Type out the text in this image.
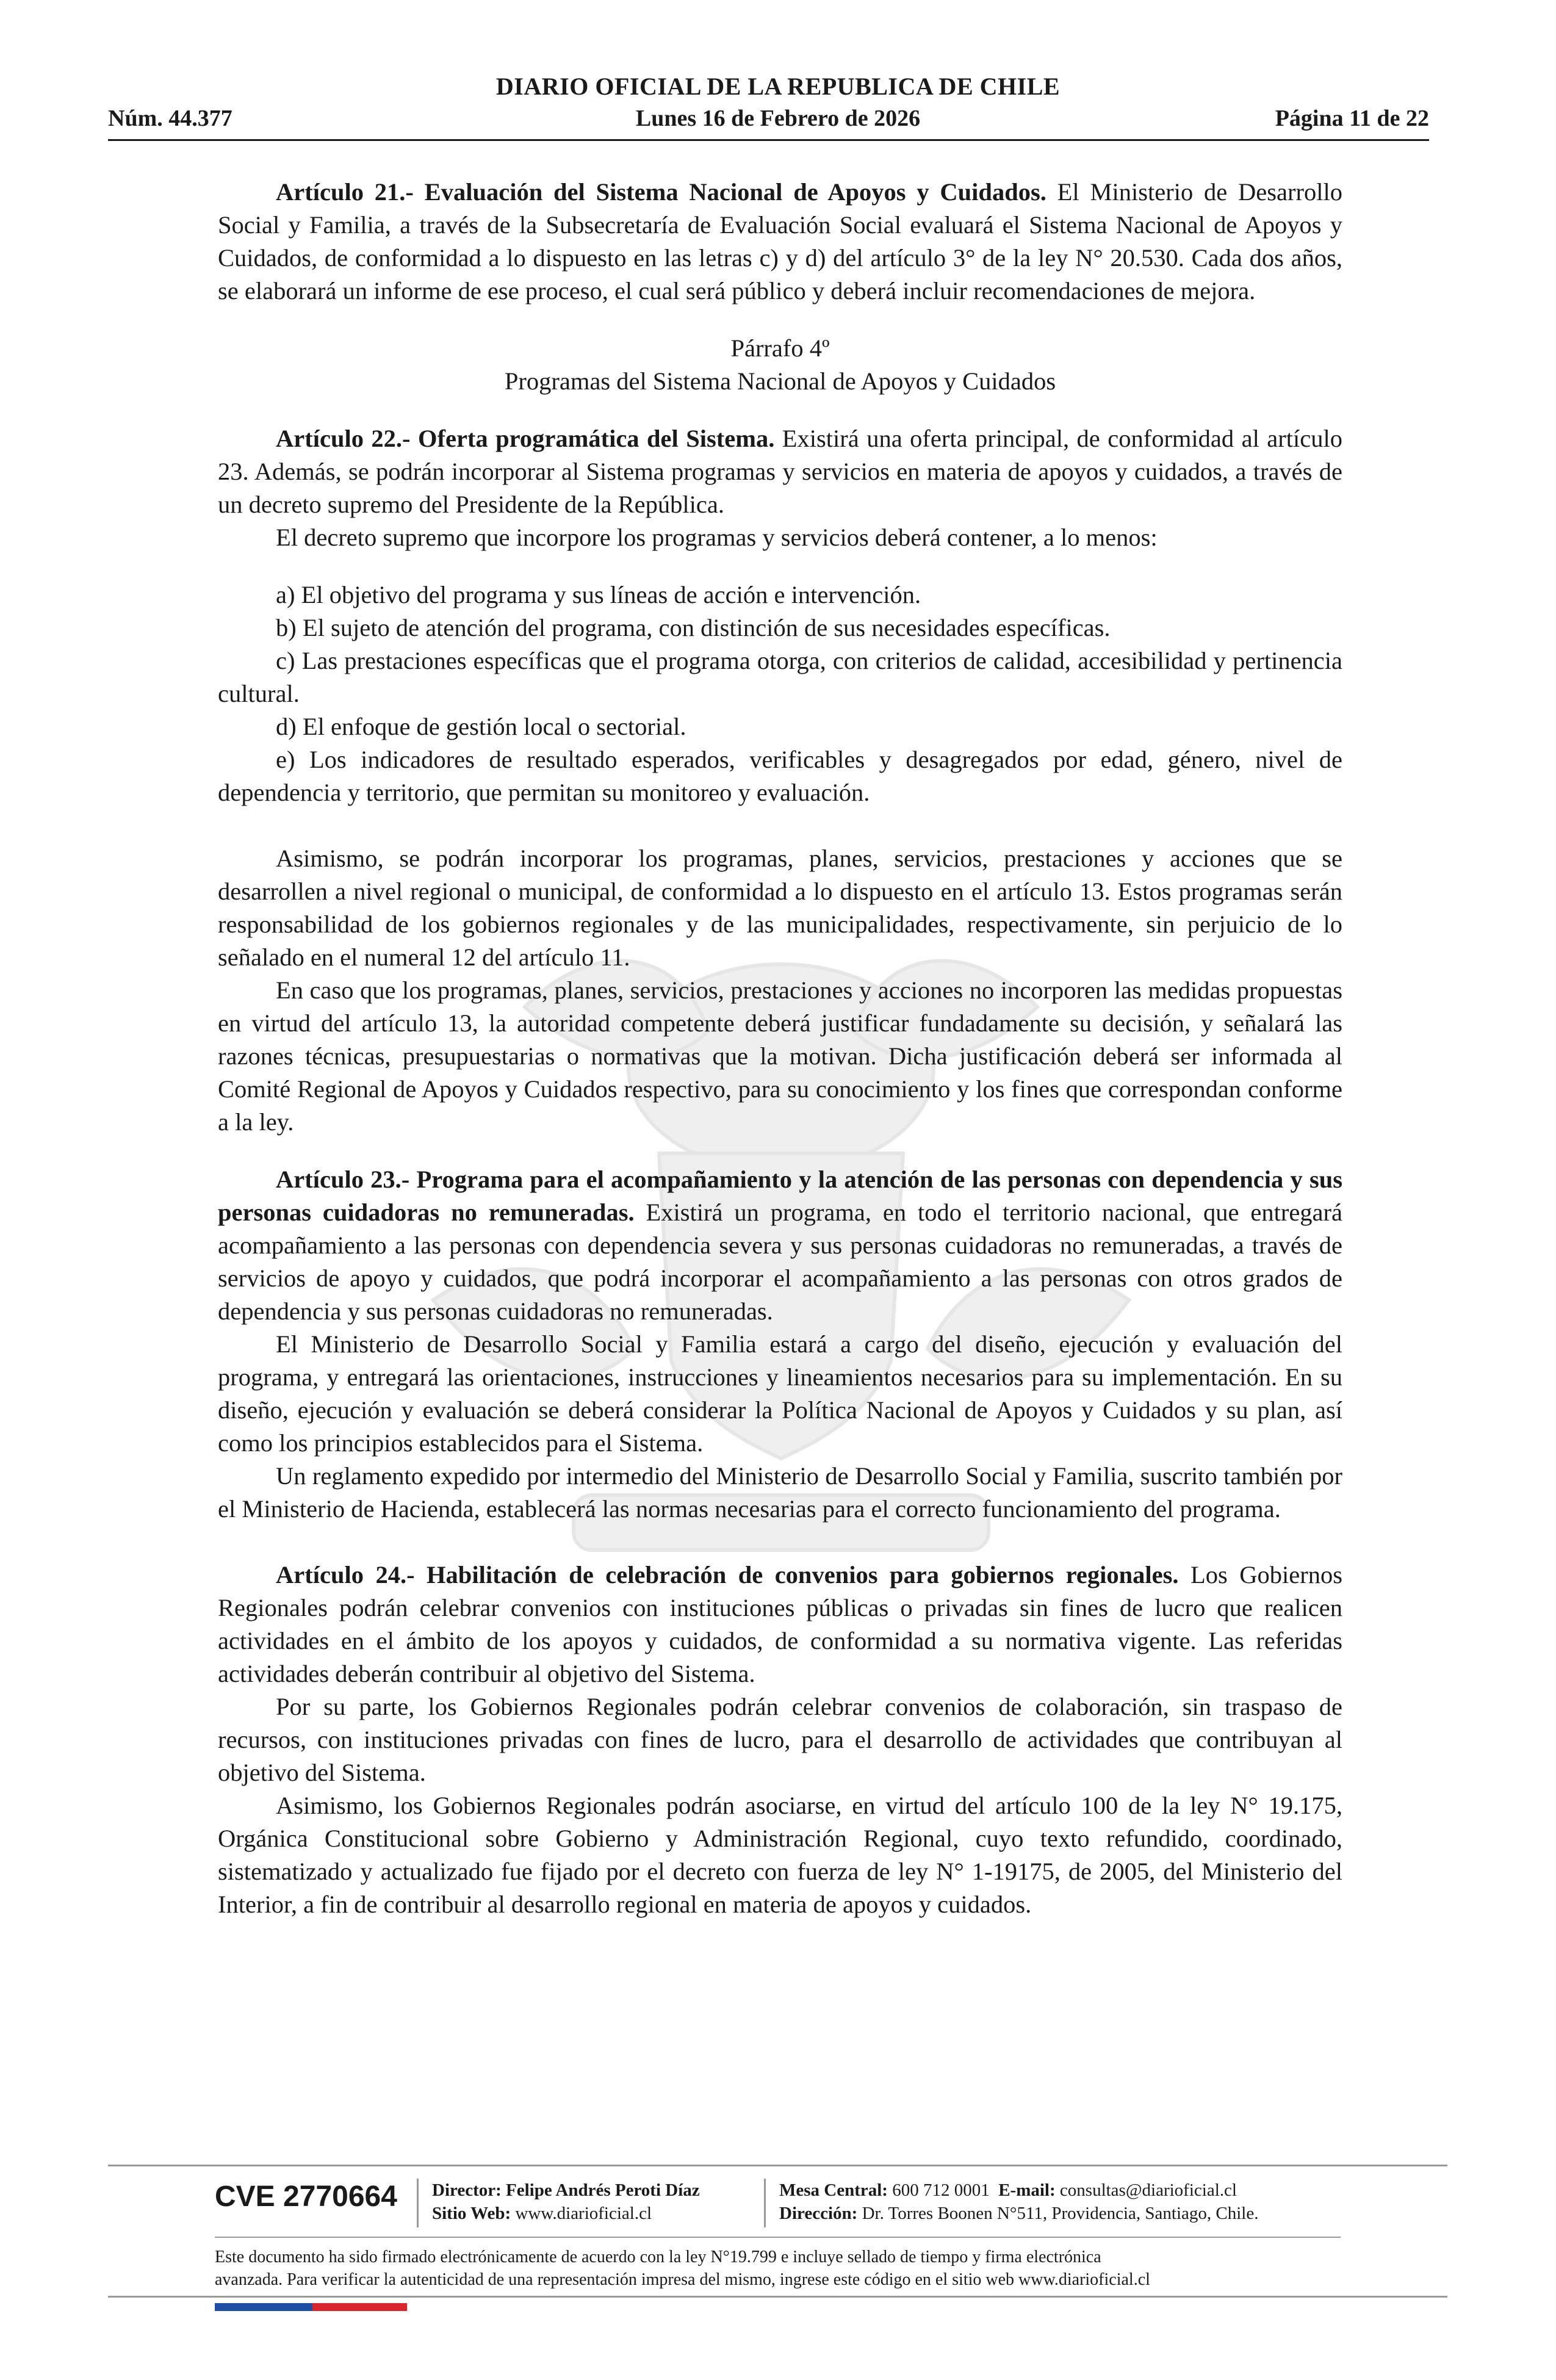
DIARIO OFICIAL DE LA REPUBLICA DE CHILE
Núm. 44.377	Lunes 16 de Febrero de 2026	Página 11 de 22

Artículo 21.- Evaluación del Sistema Nacional de Apoyos y Cuidados. El Ministerio de Desarrollo Social y Familia, a través de la Subsecretaría de Evaluación Social evaluará el Sistema Nacional de Apoyos y Cuidados, de conformidad a lo dispuesto en las letras c) y d) del artículo 3° de la ley N° 20.530. Cada dos años, se elaborará un informe de ese proceso, el cual será público y deberá incluir recomendaciones de mejora.

Párrafo 4º

Programas del Sistema Nacional de Apoyos y Cuidados

Artículo 22.- Oferta programática del Sistema. Existirá una oferta principal, de conformidad al artículo 23. Además, se podrán incorporar al Sistema programas y servicios en materia de apoyos y cuidados, a través de un decreto supremo del Presidente de la República.

El decreto supremo que incorpore los programas y servicios deberá contener, a lo menos:

a) El objetivo del programa y sus líneas de acción e intervención.

b) El sujeto de atención del programa, con distinción de sus necesidades específicas.

c) Las prestaciones específicas que el programa otorga, con criterios de calidad, accesibilidad y pertinencia cultural.

d) El enfoque de gestión local o sectorial.

e) Los indicadores de resultado esperados, verificables y desagregados por edad, género, nivel de dependencia y territorio, que permitan su monitoreo y evaluación.

Asimismo, se podrán incorporar los programas, planes, servicios, prestaciones y acciones que se desarrollen a nivel regional o municipal, de conformidad a lo dispuesto en el artículo 13. Estos programas serán responsabilidad de los gobiernos regionales y de las municipalidades, respectivamente, sin perjuicio de lo señalado en el numeral 12 del artículo 11.

En caso que los programas, planes, servicios, prestaciones y acciones no incorporen las medidas propuestas en virtud del artículo 13, la autoridad competente deberá justificar fundadamente su decisión, y señalará las razones técnicas, presupuestarias o normativas que la motivan. Dicha justificación deberá ser informada al Comité Regional de Apoyos y Cuidados respectivo, para su conocimiento y los fines que correspondan conforme a la ley.

Artículo 23.- Programa para el acompañamiento y la atención de las personas con dependencia y sus personas cuidadoras no remuneradas. Existirá un programa, en todo el territorio nacional, que entregará acompañamiento a las personas con dependencia severa y sus personas cuidadoras no remuneradas, a través de servicios de apoyo y cuidados, que podrá incorporar el acompañamiento a las personas con otros grados de dependencia y sus personas cuidadoras no remuneradas.

El Ministerio de Desarrollo Social y Familia estará a cargo del diseño, ejecución y evaluación del programa, y entregará las orientaciones, instrucciones y lineamientos necesarios para su implementación. En su diseño, ejecución y evaluación se deberá considerar la Política Nacional de Apoyos y Cuidados y su plan, así como los principios establecidos para el Sistema.

Un reglamento expedido por intermedio del Ministerio de Desarrollo Social y Familia, suscrito también por el Ministerio de Hacienda, establecerá las normas necesarias para el correcto funcionamiento del programa.

Artículo 24.- Habilitación de celebración de convenios para gobiernos regionales. Los Gobiernos Regionales podrán celebrar convenios con instituciones públicas o privadas sin fines de lucro que realicen actividades en el ámbito de los apoyos y cuidados, de conformidad a su normativa vigente. Las referidas actividades deberán contribuir al objetivo del Sistema.

Por su parte, los Gobiernos Regionales podrán celebrar convenios de colaboración, sin traspaso de recursos, con instituciones privadas con fines de lucro, para el desarrollo de actividades que contribuyan al objetivo del Sistema.

Asimismo, los Gobiernos Regionales podrán asociarse, en virtud del artículo 100 de la ley N° 19.175, Orgánica Constitucional sobre Gobierno y Administración Regional, cuyo texto refundido, coordinado, sistematizado y actualizado fue fijado por el decreto con fuerza de ley N° 1-19175, de 2005, del Ministerio del Interior, a fin de contribuir al desarrollo regional en materia de apoyos y cuidados.

CVE 2770664 Director: Felipe Andrés Peroti Díaz
Sitio Web: www.diarioficial.cl
Mesa Central: 600 712 0001 E-mail: consultas@diarioficial.cl
Dirección: Dr. Torres Boonen N°511, Providencia, Santiago, Chile.
Este documento ha sido firmado electrónicamente de acuerdo con la ley N°19.799 e incluye sellado de tiempo y firma electrónica
avanzada. Para verificar la autenticidad de una representación impresa del mismo, ingrese este código en el sitio web www.diarioficial.cl
